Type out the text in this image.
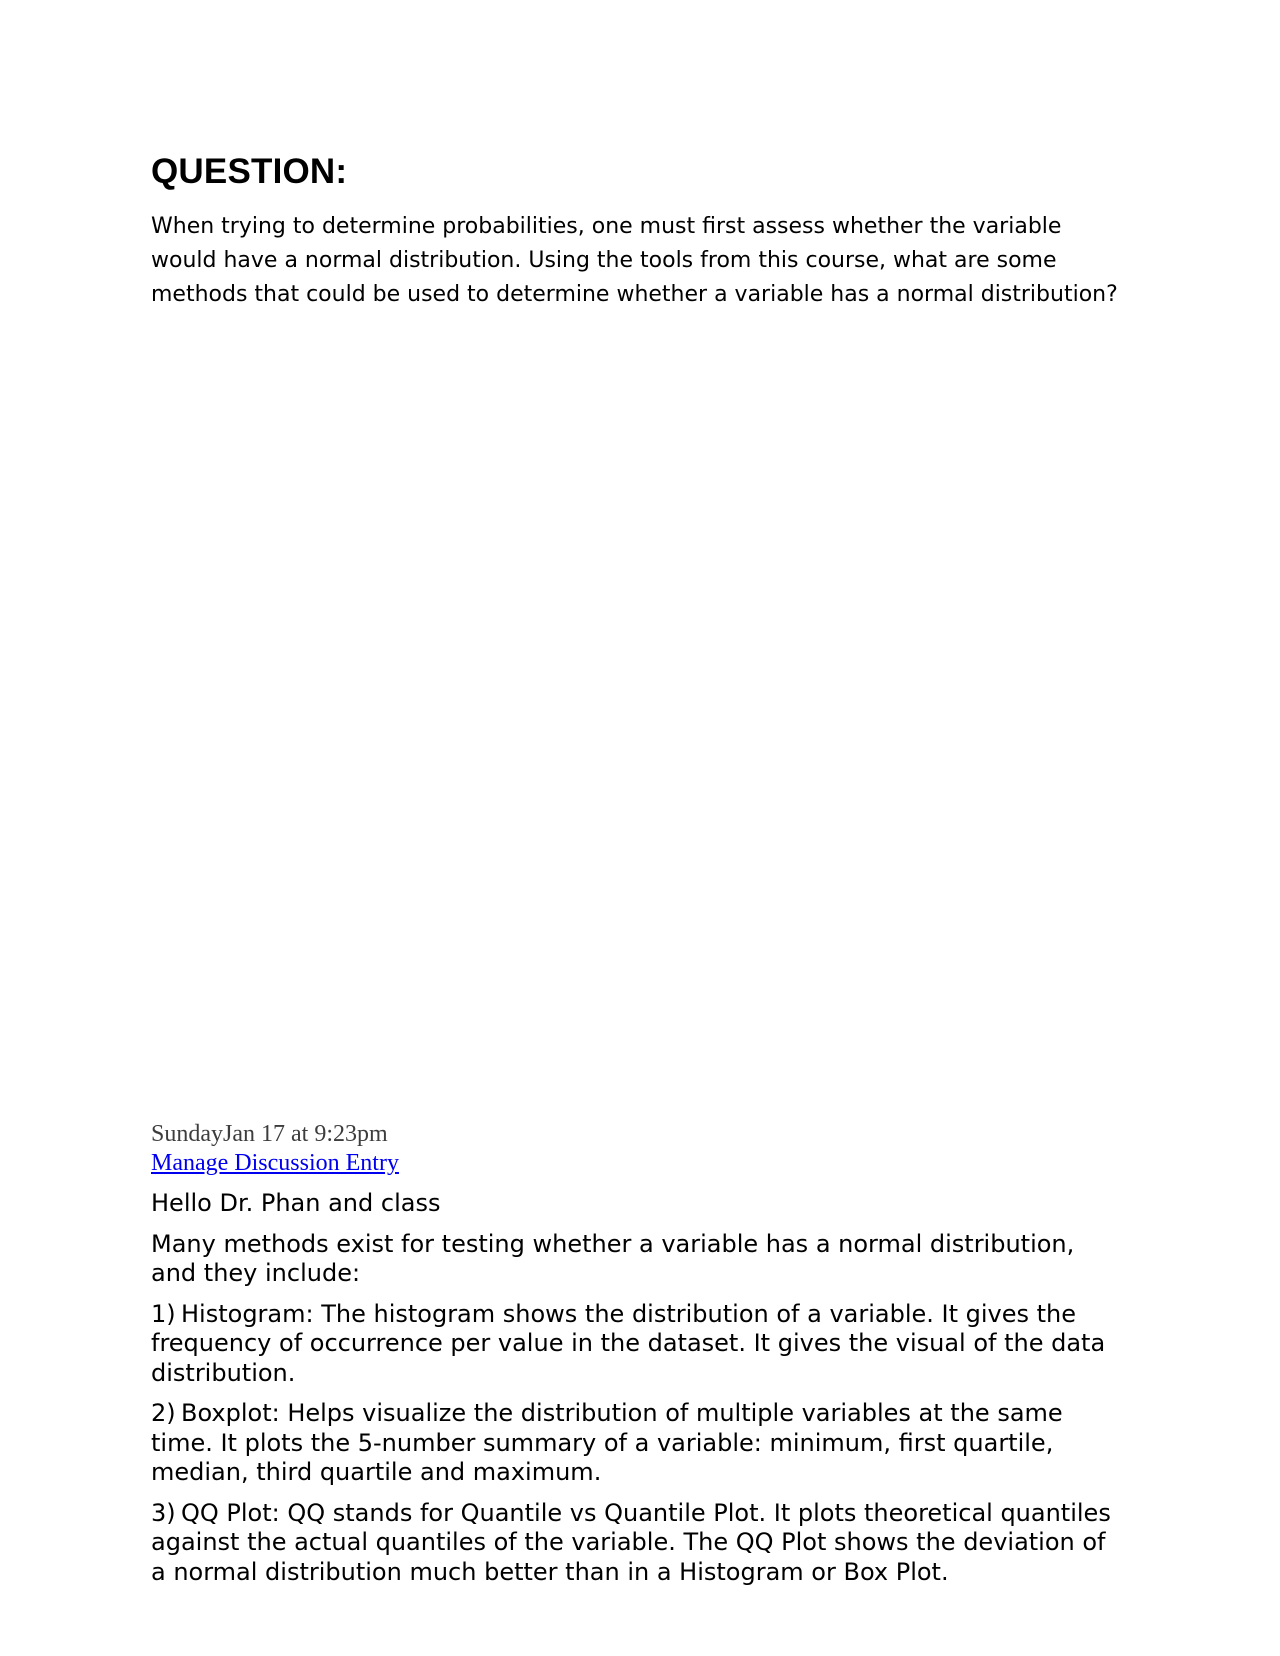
QUESTION:

When trying to determine probabilities, one must first assess whether the variable would have a normal distribution. Using the tools from this course, what are some methods that could be used to determine whether a variable has a normal distribution?

SundayJan 17 at 9:23pm
Manage Discussion Entry

Hello Dr. Phan and class

Many methods exist for testing whether a variable has a normal distribution, and they include:

1) Histogram: The histogram shows the distribution of a variable. It gives the frequency of occurrence per value in the dataset. It gives the visual of the data distribution.

2) Boxplot: Helps visualize the distribution of multiple variables at the same time. It plots the 5-number summary of a variable: minimum, first quartile, median, third quartile and maximum.

3) QQ Plot: QQ stands for Quantile vs Quantile Plot. It plots theoretical quantiles against the actual quantiles of the variable. The QQ Plot shows the deviation of a normal distribution much better than in a Histogram or Box Plot.
